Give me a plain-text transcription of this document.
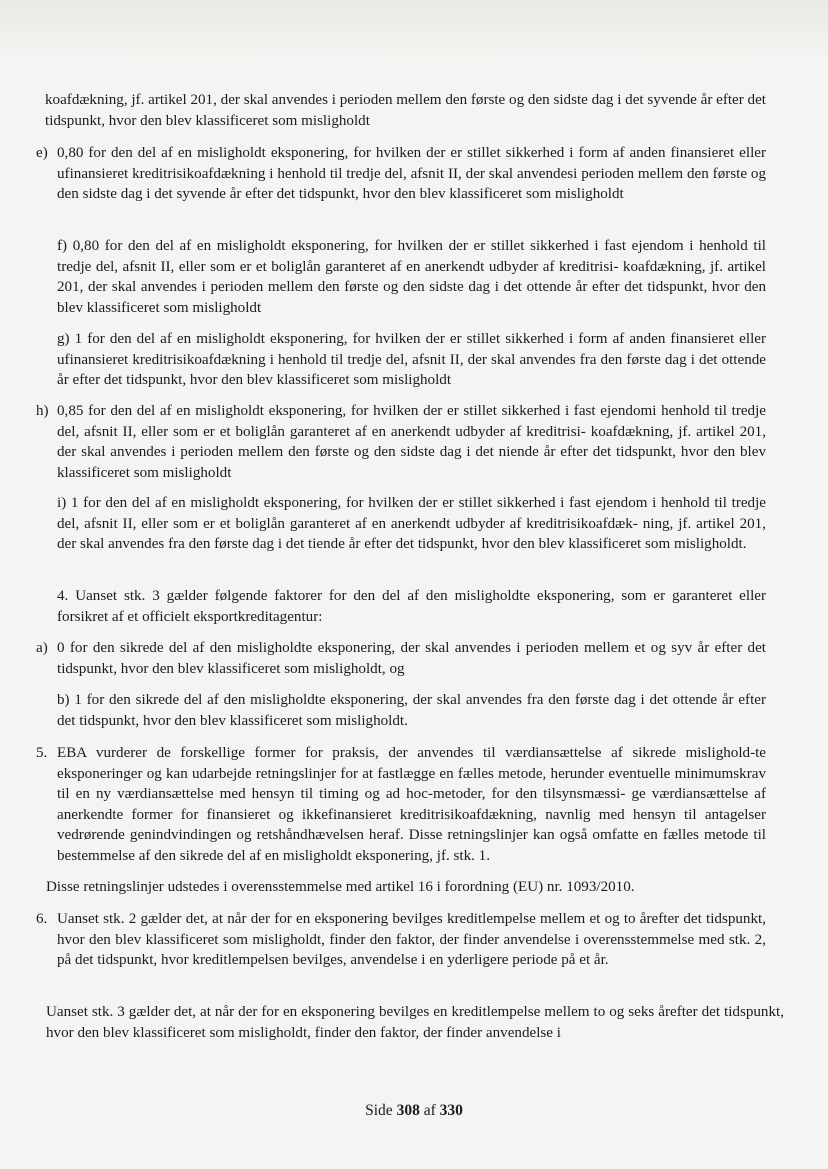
koafdækning, jf. artikel 201, der skal anvendes i perioden mellem den første og den sidste dag i det syvende år efter det tidspunkt, hvor den blev klassificeret som misligholdt

e) 0,80 for den del af en misligholdt eksponering, for hvilken der er stillet sikkerhed i form af anden finansieret eller ufinansieret kreditrisikoafdækning i henhold til tredje del, afsnit II, der skal anvendesi perioden mellem den første og den sidste dag i det syvende år efter det tidspunkt, hvor den blev klassificeret som misligholdt

f) 0,80 for den del af en misligholdt eksponering, for hvilken der er stillet sikkerhed i fast ejendom i henhold til tredje del, afsnit II, eller som er et boliglån garanteret af en anerkendt udbyder af kreditrisi- koafdækning, jf. artikel 201, der skal anvendes i perioden mellem den første og den sidste dag i det ottende år efter det tidspunkt, hvor den blev klassificeret som misligholdt

g) 1 for den del af en misligholdt eksponering, for hvilken der er stillet sikkerhed i form af anden finansieret eller ufinansieret kreditrisikoafdækning i henhold til tredje del, afsnit II, der skal anvendes fra den første dag i det ottende år efter det tidspunkt, hvor den blev klassificeret som misligholdt

h) 0,85 for den del af en misligholdt eksponering, for hvilken der er stillet sikkerhed i fast ejendomi henhold til tredje del, afsnit II, eller som er et boliglån garanteret af en anerkendt udbyder af kreditrisi- koafdækning, jf. artikel 201, der skal anvendes i perioden mellem den første og den sidste dag i det niende år efter det tidspunkt, hvor den blev klassificeret som misligholdt

i) 1 for den del af en misligholdt eksponering, for hvilken der er stillet sikkerhed i fast ejendom i henhold til tredje del, afsnit II, eller som er et boliglån garanteret af en anerkendt udbyder af kreditrisikoafdæk- ning, jf. artikel 201, der skal anvendes fra den første dag i det tiende år efter det tidspunkt, hvor den blev klassificeret som misligholdt.

4. Uanset stk. 3 gælder følgende faktorer for den del af den misligholdte eksponering, som er garanteret eller forsikret af et officielt eksportkreditagentur:

a) 0 for den sikrede del af den misligholdte eksponering, der skal anvendes i perioden mellem et og syv år efter det tidspunkt, hvor den blev klassificeret som misligholdt, og

b) 1 for den sikrede del af den misligholdte eksponering, der skal anvendes fra den første dag i det ottende år efter det tidspunkt, hvor den blev klassificeret som misligholdt.

5. EBA vurderer de forskellige former for praksis, der anvendes til værdiansættelse af sikrede mislighold-te eksponeringer og kan udarbejde retningslinjer for at fastlægge en fælles metode, herunder eventuelle minimumskrav til en ny værdiansættelse med hensyn til timing og ad hoc-metoder, for den tilsynsmæssi- ge værdiansættelse af anerkendte former for finansieret og ikkefinansieret kreditrisikoafdækning, navnlig med hensyn til antagelser vedrørende genindvindingen og retshåndhævelsen heraf. Disse retningslinjer kan også omfatte en fælles metode til bestemmelse af den sikrede del af en misligholdt eksponering, jf. stk. 1.

Disse retningslinjer udstedes i overensstemmelse med artikel 16 i forordning (EU) nr. 1093/2010.

6. Uanset stk. 2 gælder det, at når der for en eksponering bevilges kreditlempelse mellem et og to årefter det tidspunkt, hvor den blev klassificeret som misligholdt, finder den faktor, der finder anvendelse i overensstemmelse med stk. 2, på det tidspunkt, hvor kreditlempelsen bevilges, anvendelse i en yderligere periode på et år.

Uanset stk. 3 gælder det, at når der for en eksponering bevilges en kreditlempelse mellem to og seks årefter det tidspunkt, hvor den blev klassificeret som misligholdt, finder den faktor, der finder anvendelse i

Side 308 af 330
